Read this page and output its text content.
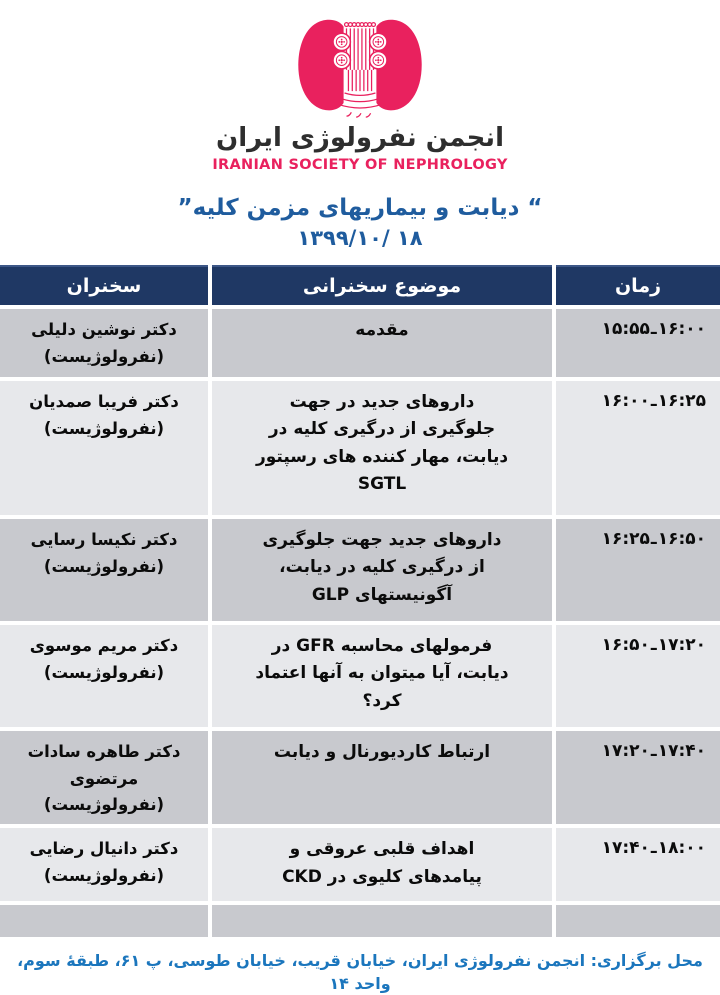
انجمن نفرولوژی ایران
IRANIAN SOCIETY OF NEPHROLOGY
“ دیابت و بیماریهای مزمن کلیه”
۱۳۹۹/۱۰/ ۱۸
زمان
موضوع سخنرانی
سخنران
۱۵:۵۵ـ۱۶:۰۰
مقدمه
دکتر نوشین دلیلی
(نفرولوژیست)
۱۶:۰۰ـ۱۶:۲۵
داروهای جدید در جهت جلوگیری از درگیری کلیه در دیابت، مهار کننده های رسپتور SGTL
دکتر فریبا صمدیان
(نفرولوژیست)
۱۶:۲۵ـ۱۶:۵۰
داروهای جدید جهت جلوگیری از درگیری کلیه در دیابت، آگونیستهای GLP
دکتر نکیسا رسایی
(نفرولوژیست)
۱۶:۵۰ـ۱۷:۲۰
فرمولهای محاسبه GFR در دیابت، آیا میتوان به آنها اعتماد کرد؟
دکتر مریم موسوی
(نفرولوژیست)
۱۷:۲۰ـ۱۷:۴۰
ارتباط کاردیورنال و دیابت
دکتر طاهره سادات مرتضوی
(نفرولوژیست)
۱۷:۴۰ـ۱۸:۰۰
اهداف قلبی عروقی و پیامدهای کلیوی در CKD
دکتر دانیال رضایی
(نفرولوژیست)
محل برگزاری: انجمن نفرولوژی ایران، خیابان قریب، خیابان طوسی، پ ۶۱، طبقهٔ سوم، واحد ۱۴
